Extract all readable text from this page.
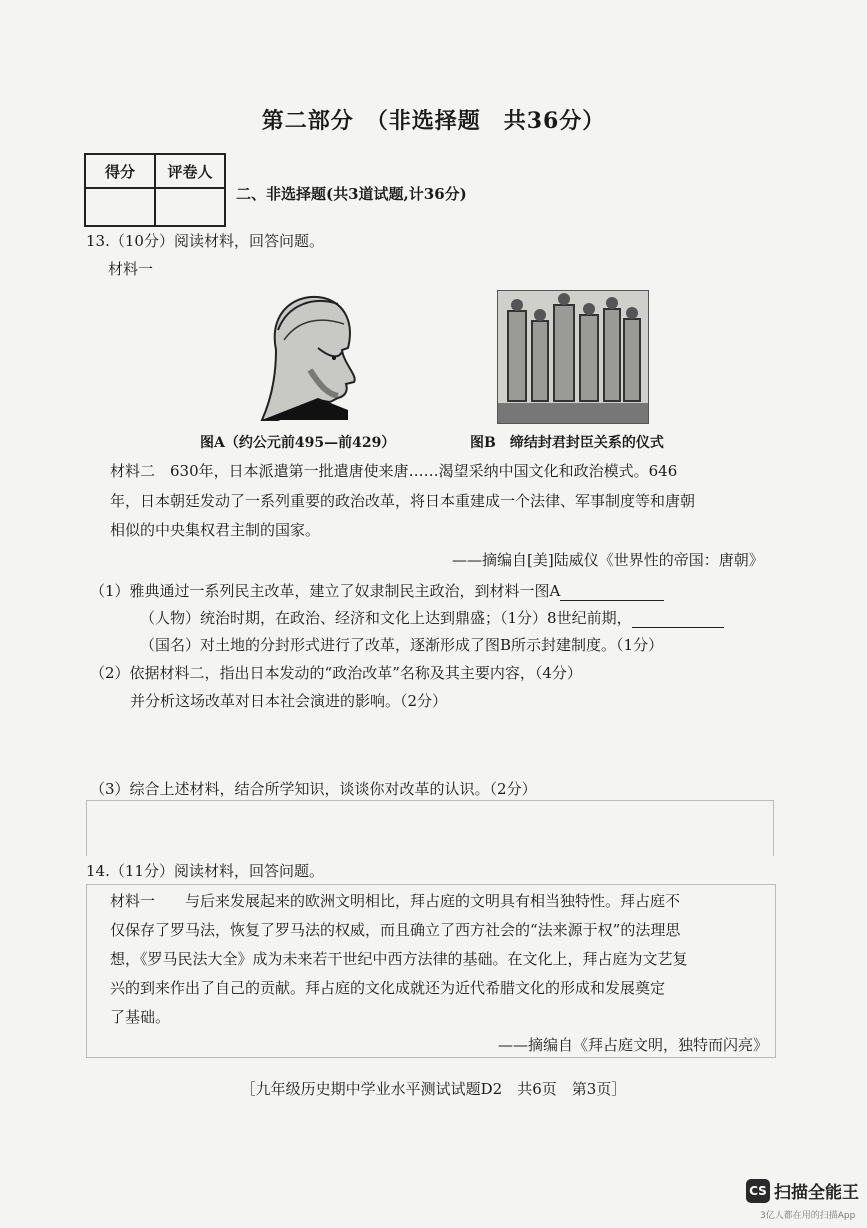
第二部分　（非选择题　共36分）
得分	评卷人

二、非选择题(共3道试题,计36分)
13.（10分）阅读材料，回答问题。
材料一
图A（约公元前495—前429）	图B　缔结封君封臣关系的仪式
材料二　630年，日本派遣第一批遣唐使来唐……渴望采纳中国文化和政治模式。646
年，日本朝廷发动了一系列重要的政治改革，将日本重建成一个法律、军事制度等和唐朝
相似的中央集权君主制的国家。
——摘编自[美]陆威仪《世界性的帝国：唐朝》
（1）雅典通过一系列民主改革，建立了奴隶制民主政治，到材料一图A
（人物）统治时期，在政治、经济和文化上达到鼎盛；（1分）8世纪前期，
（国名）对土地的分封形式进行了改革，逐渐形成了图B所示封建制度。（1分）
（2）依据材料二，指出日本发动的“政治改革”名称及其主要内容，（4分）
并分析这场改革对日本社会演进的影响。（2分）
（3）综合上述材料，结合所学知识，谈谈你对改革的认识。（2分）
14.（11分）阅读材料，回答问题。
材料一　　与后来发展起来的欧洲文明相比，拜占庭的文明具有相当独特性。拜占庭不
仅保存了罗马法，恢复了罗马法的权威，而且确立了西方社会的“法来源于权”的法理思
想，《罗马民法大全》成为未来若干世纪中西方法律的基础。在文化上，拜占庭为文艺复
兴的到来作出了自己的贡献。拜占庭的文化成就还为近代希腊文化的形成和发展奠定
了基础。
——摘编自《拜占庭文明，独特而闪亮》
［九年级历史期中学业水平测试试题D2　共6页　第3页］
CS 扫描全能王
3亿人都在用的扫描App
